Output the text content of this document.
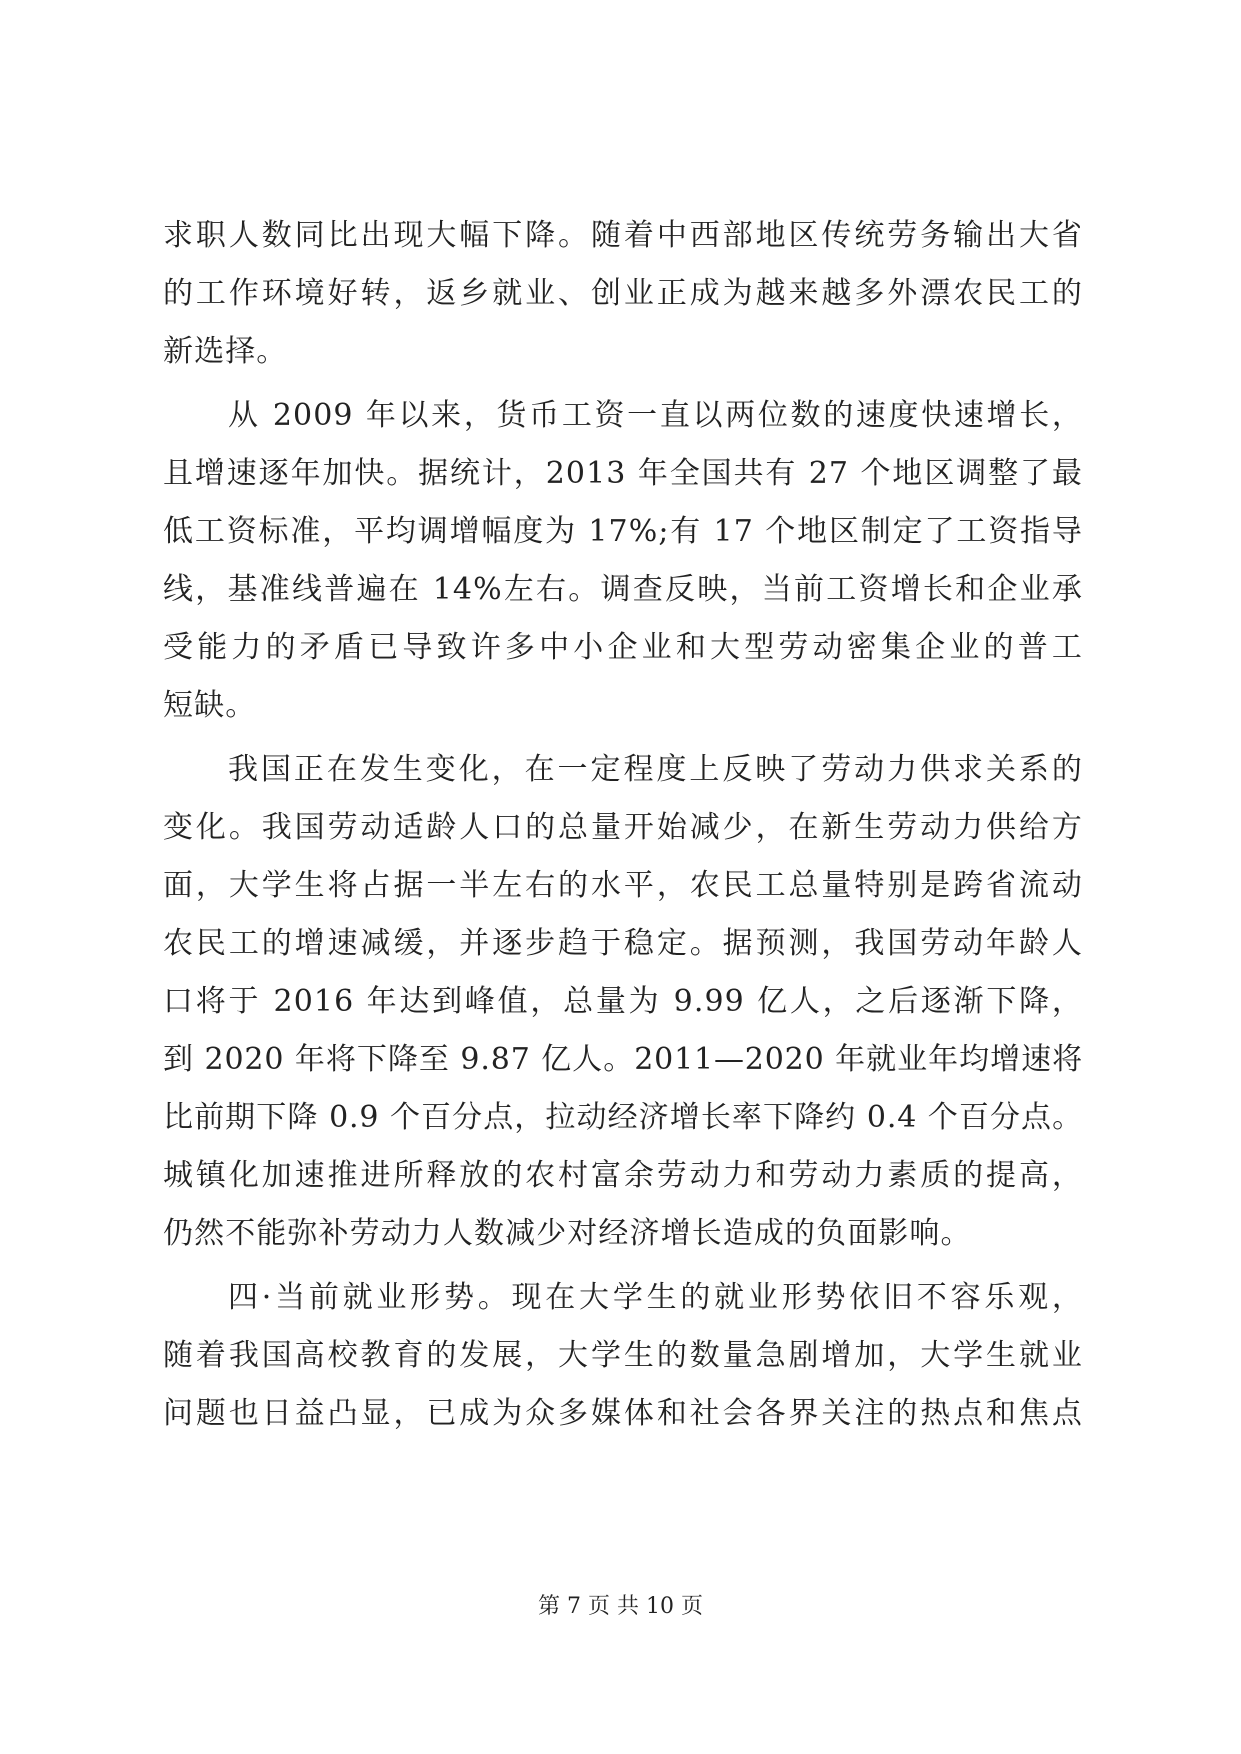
求职人数同比出现大幅下降。随着中西部地区传统劳务输出大省
的工作环境好转，返乡就业、创业正成为越来越多外漂农民工的
新选择。
从 2009 年以来，货币工资一直以两位数的速度快速增长，
且增速逐年加快。据统计，2013 年全国共有 27 个地区调整了最
低工资标准，平均调增幅度为 17%;有 17 个地区制定了工资指导
线，基准线普遍在 14%左右。调查反映，当前工资增长和企业承
受能力的矛盾已导致许多中小企业和大型劳动密集企业的普工
短缺。
我国正在发生变化，在一定程度上反映了劳动力供求关系的
变化。我国劳动适龄人口的总量开始减少，在新生劳动力供给方
面，大学生将占据一半左右的水平，农民工总量特别是跨省流动
农民工的增速减缓，并逐步趋于稳定。据预测，我国劳动年龄人
口将于 2016 年达到峰值，总量为 9.99 亿人，之后逐渐下降，
到 2020 年将下降至 9.87 亿人。2011—2020 年就业年均增速将
比前期下降 0.9 个百分点，拉动经济增长率下降约 0.4 个百分点。
城镇化加速推进所释放的农村富余劳动力和劳动力素质的提高，
仍然不能弥补劳动力人数减少对经济增长造成的负面影响。
四·当前就业形势。现在大学生的就业形势依旧不容乐观，
随着我国高校教育的发展，大学生的数量急剧增加，大学生就业
问题也日益凸显，已成为众多媒体和社会各界关注的热点和焦点
第 7 页 共 10 页
